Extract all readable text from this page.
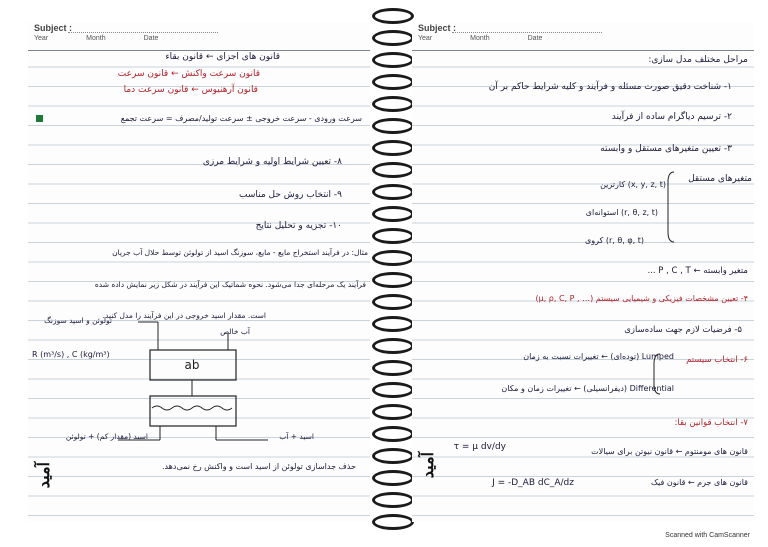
Subject :
Year	Month	Date
قانون های اجزای ← قانون بقاء
قانون سرعت واکنش ← قانون سرعت
قانون آرهنیوس ← قانون سرعت دما
سرعت ورودی - سرعت خروجی ± سرعت تولید/مصرف = سرعت تجمع
۸- تعیین شرایط اولیه و شرایط مرزی
۹- انتخاب روش حل مناسب
۱۰- تجزیه و تحلیل نتایج
مثال: در فرآیند استخراج مایع - مایع، سوزنگ اسید از تولوئن توسط حلال آب جریان
فرآیند یک مرحله‌ای جدا می‌شود. نحوه شماتیک این فرآیند در شکل زیر نمایش داده شده
است. مقدار اسید خروجی در این فرآیند را مدل کنید.
ab
تولوئن و اسید سوزنگ
آب خالص
R (m³/s) , C (kg/m³)
اسید + آب
اسید (مقدار کم) + تولوئن
حذف جداسازی تولوئن از اسید است و واکنش رخ نمی‌دهد.
آمید
Subject :
Year	Month	Date
مراحل مختلف مدل سازی:
۱- شناخت دقیق صورت مسئله و فرآیند و کلیه شرایط حاکم بر آن
۲- ترسیم دیاگرام ساده از فرآیند
۳- تعیین متغیرهای مستقل و وابسته
متغیرهای مستقل
(x, y, z, t) کارتزین
(r, θ, z, t) استوانه‌ای
(r, θ, φ, t) کروی
متغیر وابسته ← P , C , T ...
۴- تعیین مشخصات فیزیکی و شیمیایی سیستم (… , μ, ρ, C, P)
۵- فرضیات لازم جهت ساده‌سازی
۶- انتخاب سیستم
Lumped (توده‌ای) ← تغییرات نسبت به زمان
Differential (دیفرانسیلی) ← تغییرات زمان و مکان
۷- انتخاب قوانین بقا:
قانون های مومنتوم ← قانون نیوتن برای سیالات
τ = μ dv/dy
قانون های جرم ← قانون فیک
J = -D_AB dC_A/dz
آمید
Scanned with CamScanner
